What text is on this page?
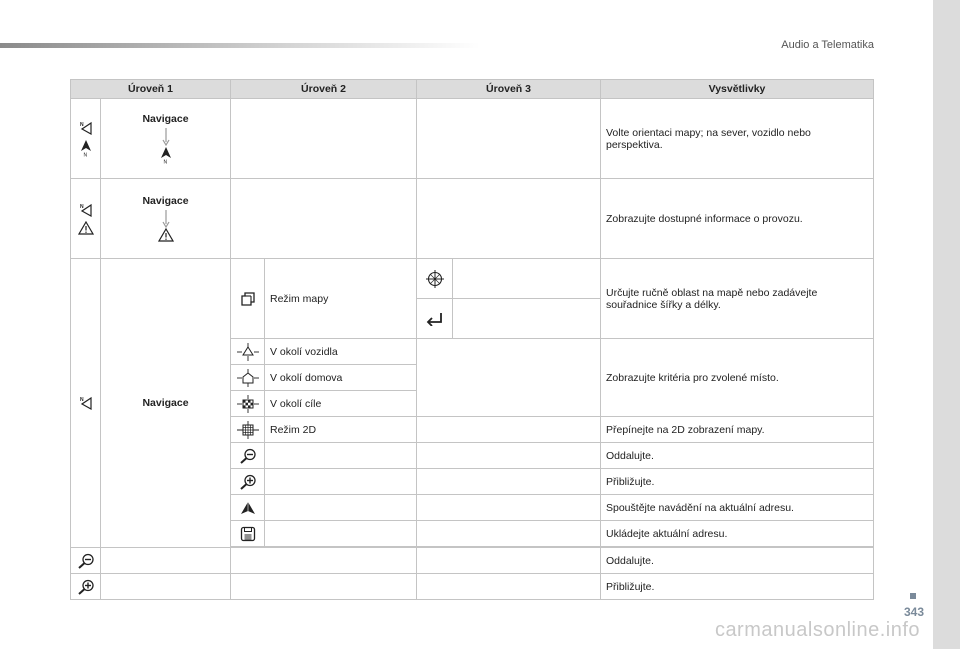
Audio a Telematika
343
carmanualsonline.info
Úroveň 1		Úroveň 2		Úroveň 3		Vysvětlivky

N
N	Navigace
N					Volte orientaci mapy; na sever, vozidlo nebo perspektiva.

N	Navigace					Zobrazujte dostupné informace o provozu.

N	Navigace		Režim mapy			Určujte ručně oblast na mapě nebo zadávejte souřadnice šířky a délky.

	V okolí vozidla			Zobrazujte kritéria pro zvolené místo.

	V okolí domova			

	V okolí cíle			

	Režim 2D			Přepínejte na 2D zobrazení mapy.

			Oddalujte.

			Přibližujte.

			Spouštějte navádění na aktuální adresu.

			Ukládejte aktuální adresu.

				Oddalujte.

				Přibližujte.
